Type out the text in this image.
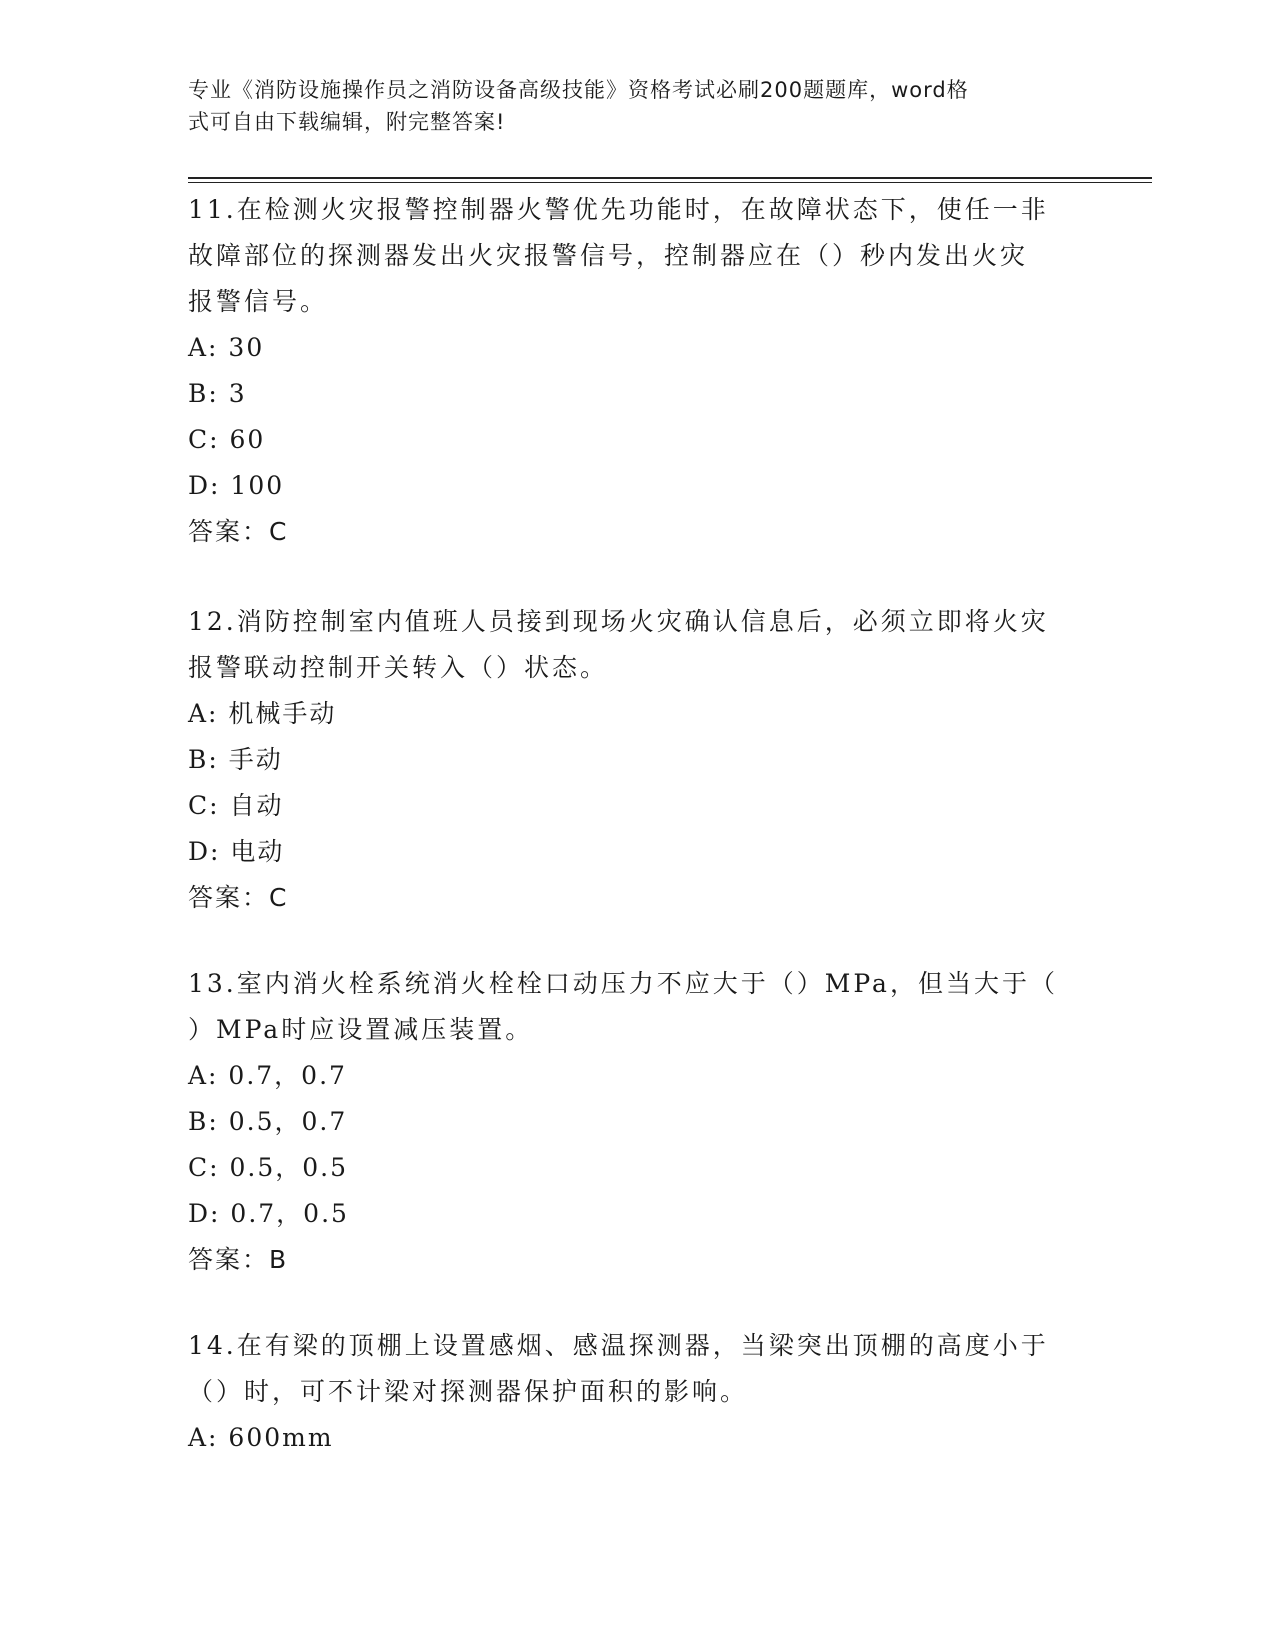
专业《消防设施操作员之消防设备高级技能》资格考试必刷200题题库，word格
式可自由下载编辑，附完整答案!

11.在检测火灾报警控制器火警优先功能时，在故障状态下，使任一非

故障部位的探测器发出火灾报警信号，控制器应在（）秒内发出火灾

报警信号。

A: 30

B: 3

C: 60

D: 100

答案：C

12.消防控制室内值班人员接到现场火灾确认信息后，必须立即将火灾

报警联动控制开关转入（）状态。

A: 机械手动

B: 手动

C: 自动

D: 电动

答案：C

13.室内消火栓系统消火栓栓口动压力不应大于（）MPa，但当大于（

）MPa时应设置减压装置。

A: 0.7，0.7

B: 0.5，0.7

C: 0.5，0.5

D: 0.7，0.5

答案：B

14.在有梁的顶棚上设置感烟、感温探测器，当梁突出顶棚的高度小于

（）时，可不计梁对探测器保护面积的影响。

A: 600mm
